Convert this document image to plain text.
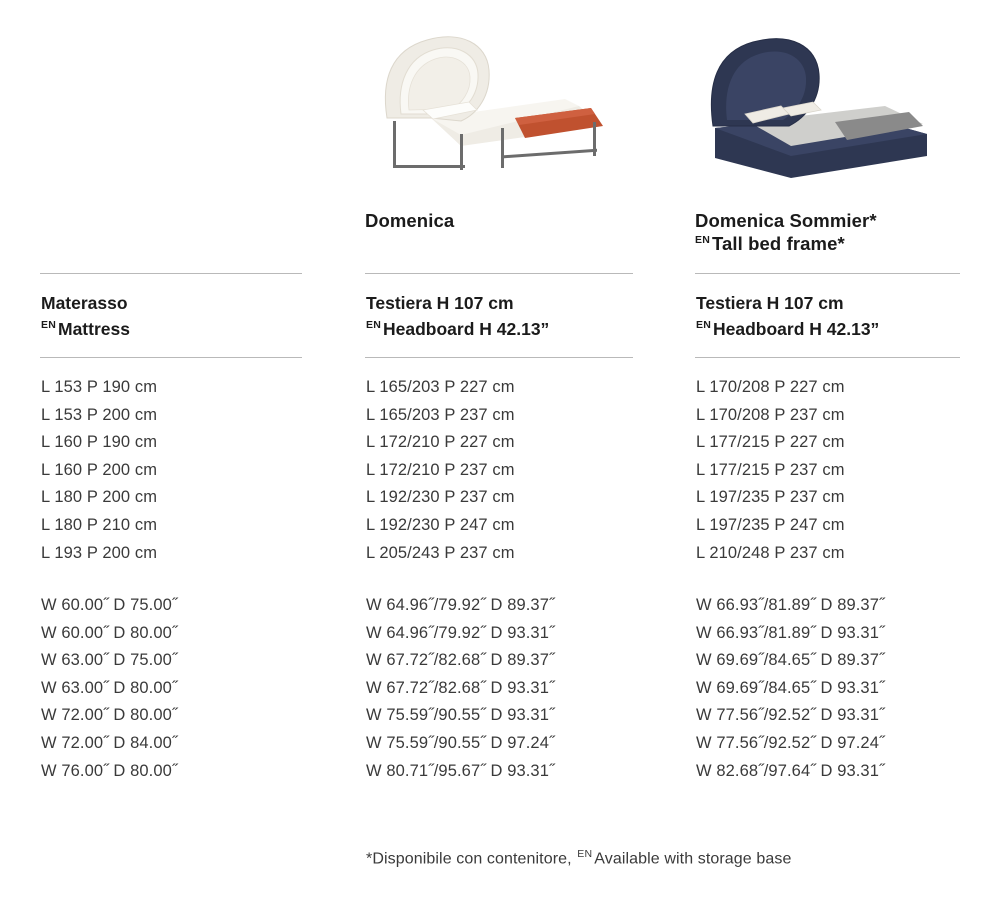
Domenica	Domenica Sommier*
$^{EN}$ Tall bed frame*
Materasso
$^{EN}$ Mattress
Testiera H 107 cm
$^{EN}$ Headboard H 42.13”
Testiera H 107 cm
$^{EN}$ Headboard H 42.13”
L 153 P 190 cm
L 153 P 200 cm
L 160 P 190 cm
L 160 P 200 cm
L 180 P 200 cm
L 180 P 210 cm
L 193 P 200 cm
L 165/203 P 227 cm
L 165/203 P 237 cm
L 172/210 P 227 cm
L 172/210 P 237 cm
L 192/230 P 237 cm
L 192/230 P 247 cm
L 205/243 P 237 cm
L 170/208 P 227 cm
L 170/208 P 237 cm
L 177/215 P 227 cm
L 177/215 P 237 cm
L 197/235 P 237 cm
L 197/235 P 247 cm
L 210/248 P 237 cm
W 60.00˝ D 75.00˝
W 60.00˝ D 80.00˝
W 63.00˝ D 75.00˝
W 63.00˝ D 80.00˝
W 72.00˝ D 80.00˝
W 72.00˝ D 84.00˝
W 76.00˝ D 80.00˝
W 64.96˝/79.92˝ D 89.37˝
W 64.96˝/79.92˝ D 93.31˝
W 67.72˝/82.68˝ D 89.37˝
W 67.72˝/82.68˝ D 93.31˝
W 75.59˝/90.55˝ D 93.31˝
W 75.59˝/90.55˝ D 97.24˝
W 80.71˝/95.67˝ D 93.31˝
W 66.93˝/81.89˝ D 89.37˝
W 66.93˝/81.89˝ D 93.31˝
W 69.69˝/84.65˝ D 89.37˝
W 69.69˝/84.65˝ D 93.31˝
W 77.56˝/92.52˝ D 93.31˝
W 77.56˝/92.52˝ D 97.24˝
W 82.68˝/97.64˝ D 93.31˝
*Disponibile con contenitore, $^{EN}$ Available with storage base
